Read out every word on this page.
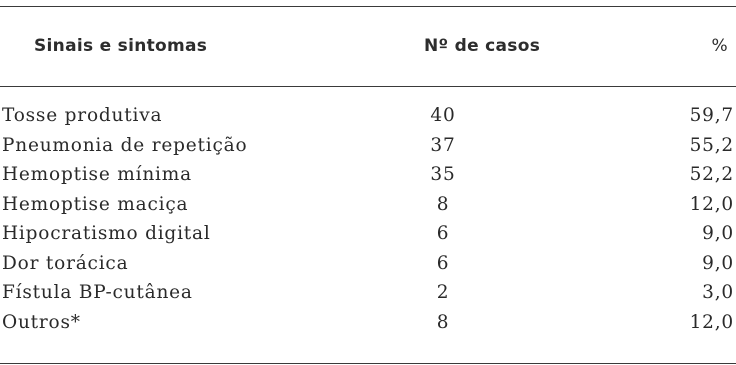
Sinais e sintomas	Nº de casos	%
Tosse produtiva	40	59,7
Pneumonia de repetição	37	55,2
Hemoptise mínima	35	52,2
Hemoptise maciça	8	12,0
Hipocratismo digital	6	9,0
Dor torácica	6	9,0
Fístula BP-cutânea	2	3,0
Outros*	8	12,0
